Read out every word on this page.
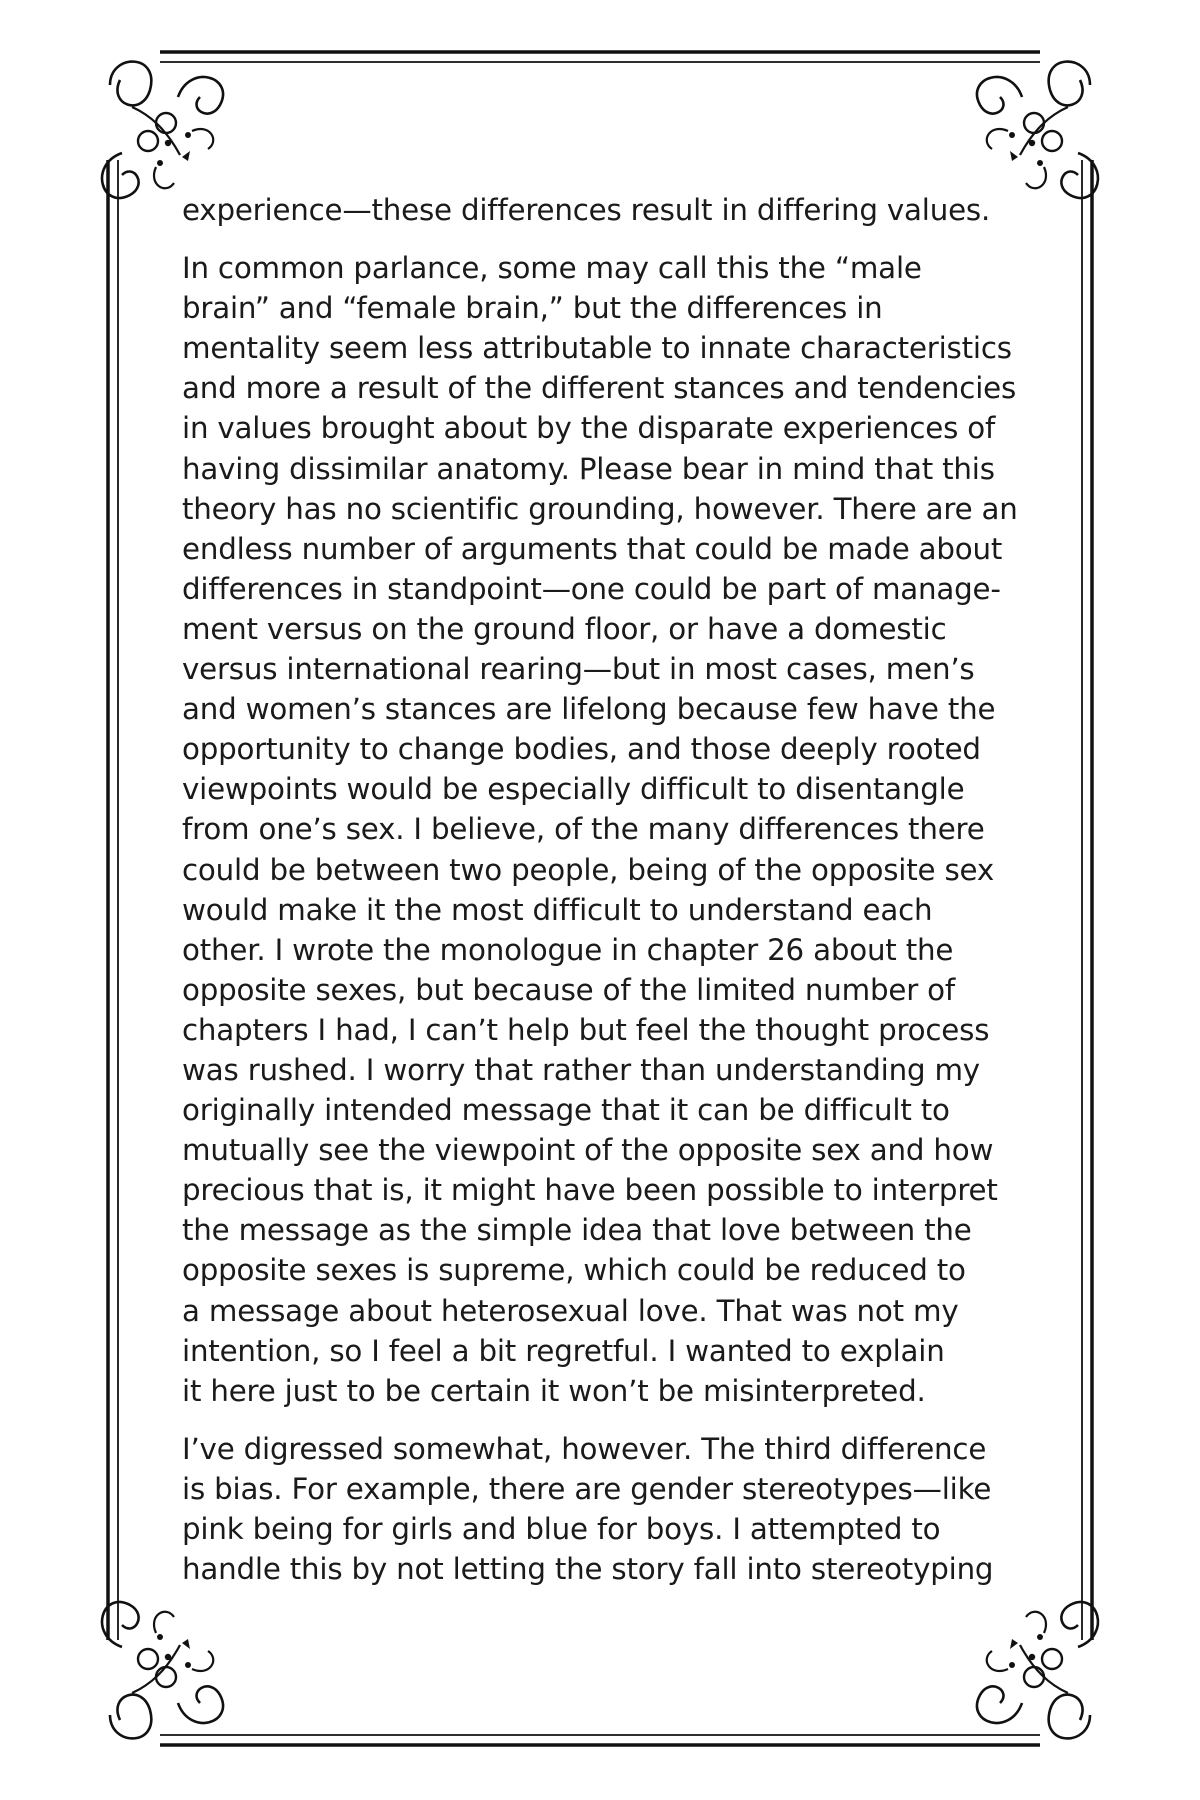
experience—these differences result in differing values.

In common parlance, some may call this the “male
brain” and “female brain,” but the differences in
mentality seem less attributable to innate characteristics
and more a result of the different stances and tendencies
in values brought about by the disparate experiences of
having dissimilar anatomy. Please bear in mind that this
theory has no scientific grounding, however. There are an
endless number of arguments that could be made about
differences in standpoint—one could be part of manage-
ment versus on the ground floor, or have a domestic
versus international rearing—but in most cases, men’s
and women’s stances are lifelong because few have the
opportunity to change bodies, and those deeply rooted
viewpoints would be especially difficult to disentangle
from one’s sex. I believe, of the many differences there
could be between two people, being of the opposite sex
would make it the most difficult to understand each
other. I wrote the monologue in chapter 26 about the
opposite sexes, but because of the limited number of
chapters I had, I can’t help but feel the thought process
was rushed. I worry that rather than understanding my
originally intended message that it can be difficult to
mutually see the viewpoint of the opposite sex and how
precious that is, it might have been possible to interpret
the message as the simple idea that love between the
opposite sexes is supreme, which could be reduced to
a message about heterosexual love. That was not my
intention, so I feel a bit regretful. I wanted to explain
it here just to be certain it won’t be misinterpreted.

I’ve digressed somewhat, however. The third difference
is bias. For example, there are gender stereotypes—like
pink being for girls and blue for boys. I attempted to
handle this by not letting the story fall into stereotyping
